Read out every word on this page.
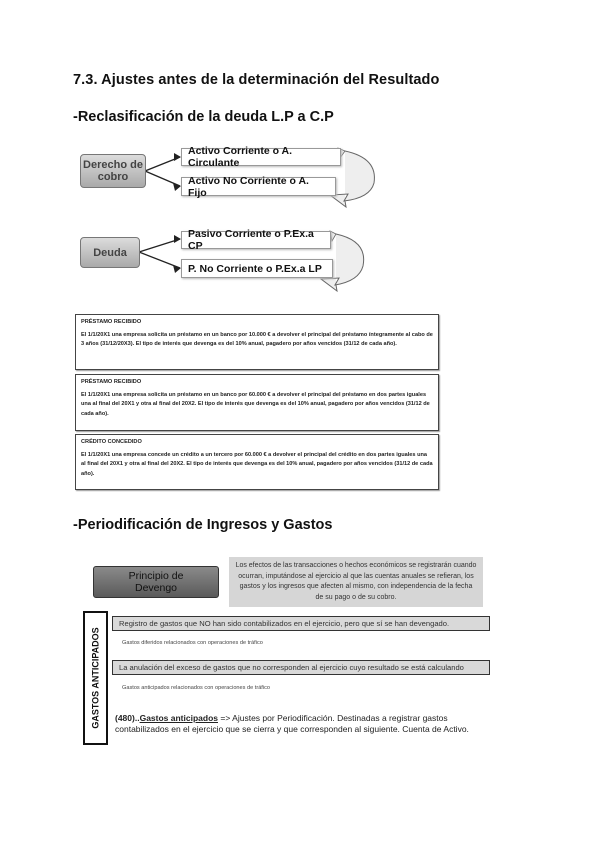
7.3. Ajustes antes de la determinación del Resultado
-Reclasificación de la deuda L.P a C.P
Derecho de cobro
Activo Corriente o A. Circulante
Activo No Corriente o A. Fijo
Deuda
Pasivo Corriente o P.Ex.a CP
P. No Corriente o P.Ex.a LP
PRÉSTAMO RECIBIDO
El 1/1/20X1 una empresa solicita un préstamo en un banco por 10.000 € a devolver el principal del préstamo íntegramente al cabo de 3 años (31/12/20X3). El tipo de interés que devenga es del 10% anual, pagadero por años vencidos (31/12 de cada año).
PRÉSTAMO RECIBIDO
El 1/1/20X1 una empresa solicita un préstamo en un banco por 60.000 € a devolver el principal del préstamo en dos partes iguales una al final del 20X1 y otra al final del 20X2. El tipo de interés que devenga es del 10% anual, pagadero por años vencidos (31/12 de cada año).
CRÉDITO CONCEDIDO
El 1/1/20X1 una empresa concede un crédito a un tercero por 60.000 € a devolver el principal del crédito en dos partes iguales una al final del 20X1 y otra al final del 20X2. El tipo de interés que devenga es del 10% anual, pagadero por años vencidos (31/12 de cada año).
-Periodificación de Ingresos y Gastos
Principio de Devengo
Los efectos de las transacciones o hechos económicos se registrarán cuando ocurran, imputándose al ejercicio al que las cuentas anuales se refieran, los gastos y los ingresos que afecten al mismo, con independencia de la fecha de su pago o de su cobro.
GASTOS ANTICIPADOS
Registro de gastos que NO han sido contabilizados en el ejercicio, pero que sí se han devengado.
Gastos diferidos relacionados con operaciones de tráfico
La anulación del exceso de gastos que no corresponden al ejercicio cuyo resultado se está calculando
Gastos anticipados relacionados con operaciones de tráfico
(480)..Gastos anticipados => Ajustes por Periodificación. Destinadas a registrar gastos contabilizados en el ejercicio que se cierra y que corresponden al siguiente. Cuenta de Activo.
